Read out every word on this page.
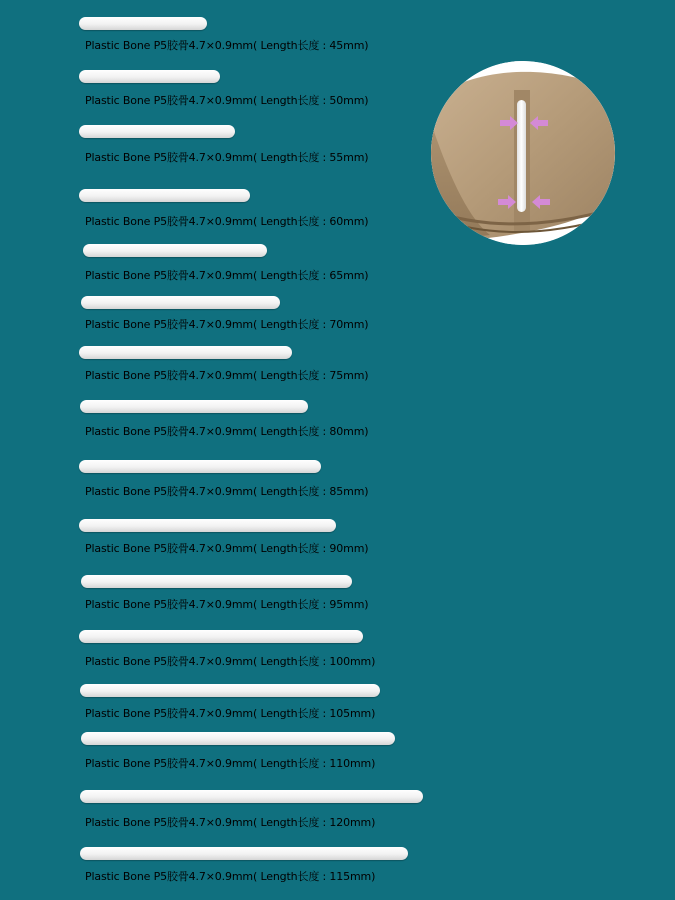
Plastic Bone P5胶骨4.7×0.9mm( Length长度 : 45mm)
Plastic Bone P5胶骨4.7×0.9mm( Length长度 : 50mm)
Plastic Bone P5胶骨4.7×0.9mm( Length长度 : 55mm)
Plastic Bone P5胶骨4.7×0.9mm( Length长度 : 60mm)
Plastic Bone P5胶骨4.7×0.9mm( Length长度 : 65mm)
Plastic Bone P5胶骨4.7×0.9mm( Length长度 : 70mm)
Plastic Bone P5胶骨4.7×0.9mm( Length长度 : 75mm)
Plastic Bone P5胶骨4.7×0.9mm( Length长度 : 80mm)
Plastic Bone P5胶骨4.7×0.9mm( Length长度 : 85mm)
Plastic Bone P5胶骨4.7×0.9mm( Length长度 : 90mm)
Plastic Bone P5胶骨4.7×0.9mm( Length长度 : 95mm)
Plastic Bone P5胶骨4.7×0.9mm( Length长度 : 100mm)
Plastic Bone P5胶骨4.7×0.9mm( Length长度 : 105mm)
Plastic Bone P5胶骨4.7×0.9mm( Length长度 : 110mm)
Plastic Bone P5胶骨4.7×0.9mm( Length长度 : 120mm)
Plastic Bone P5胶骨4.7×0.9mm( Length长度 : 115mm)
